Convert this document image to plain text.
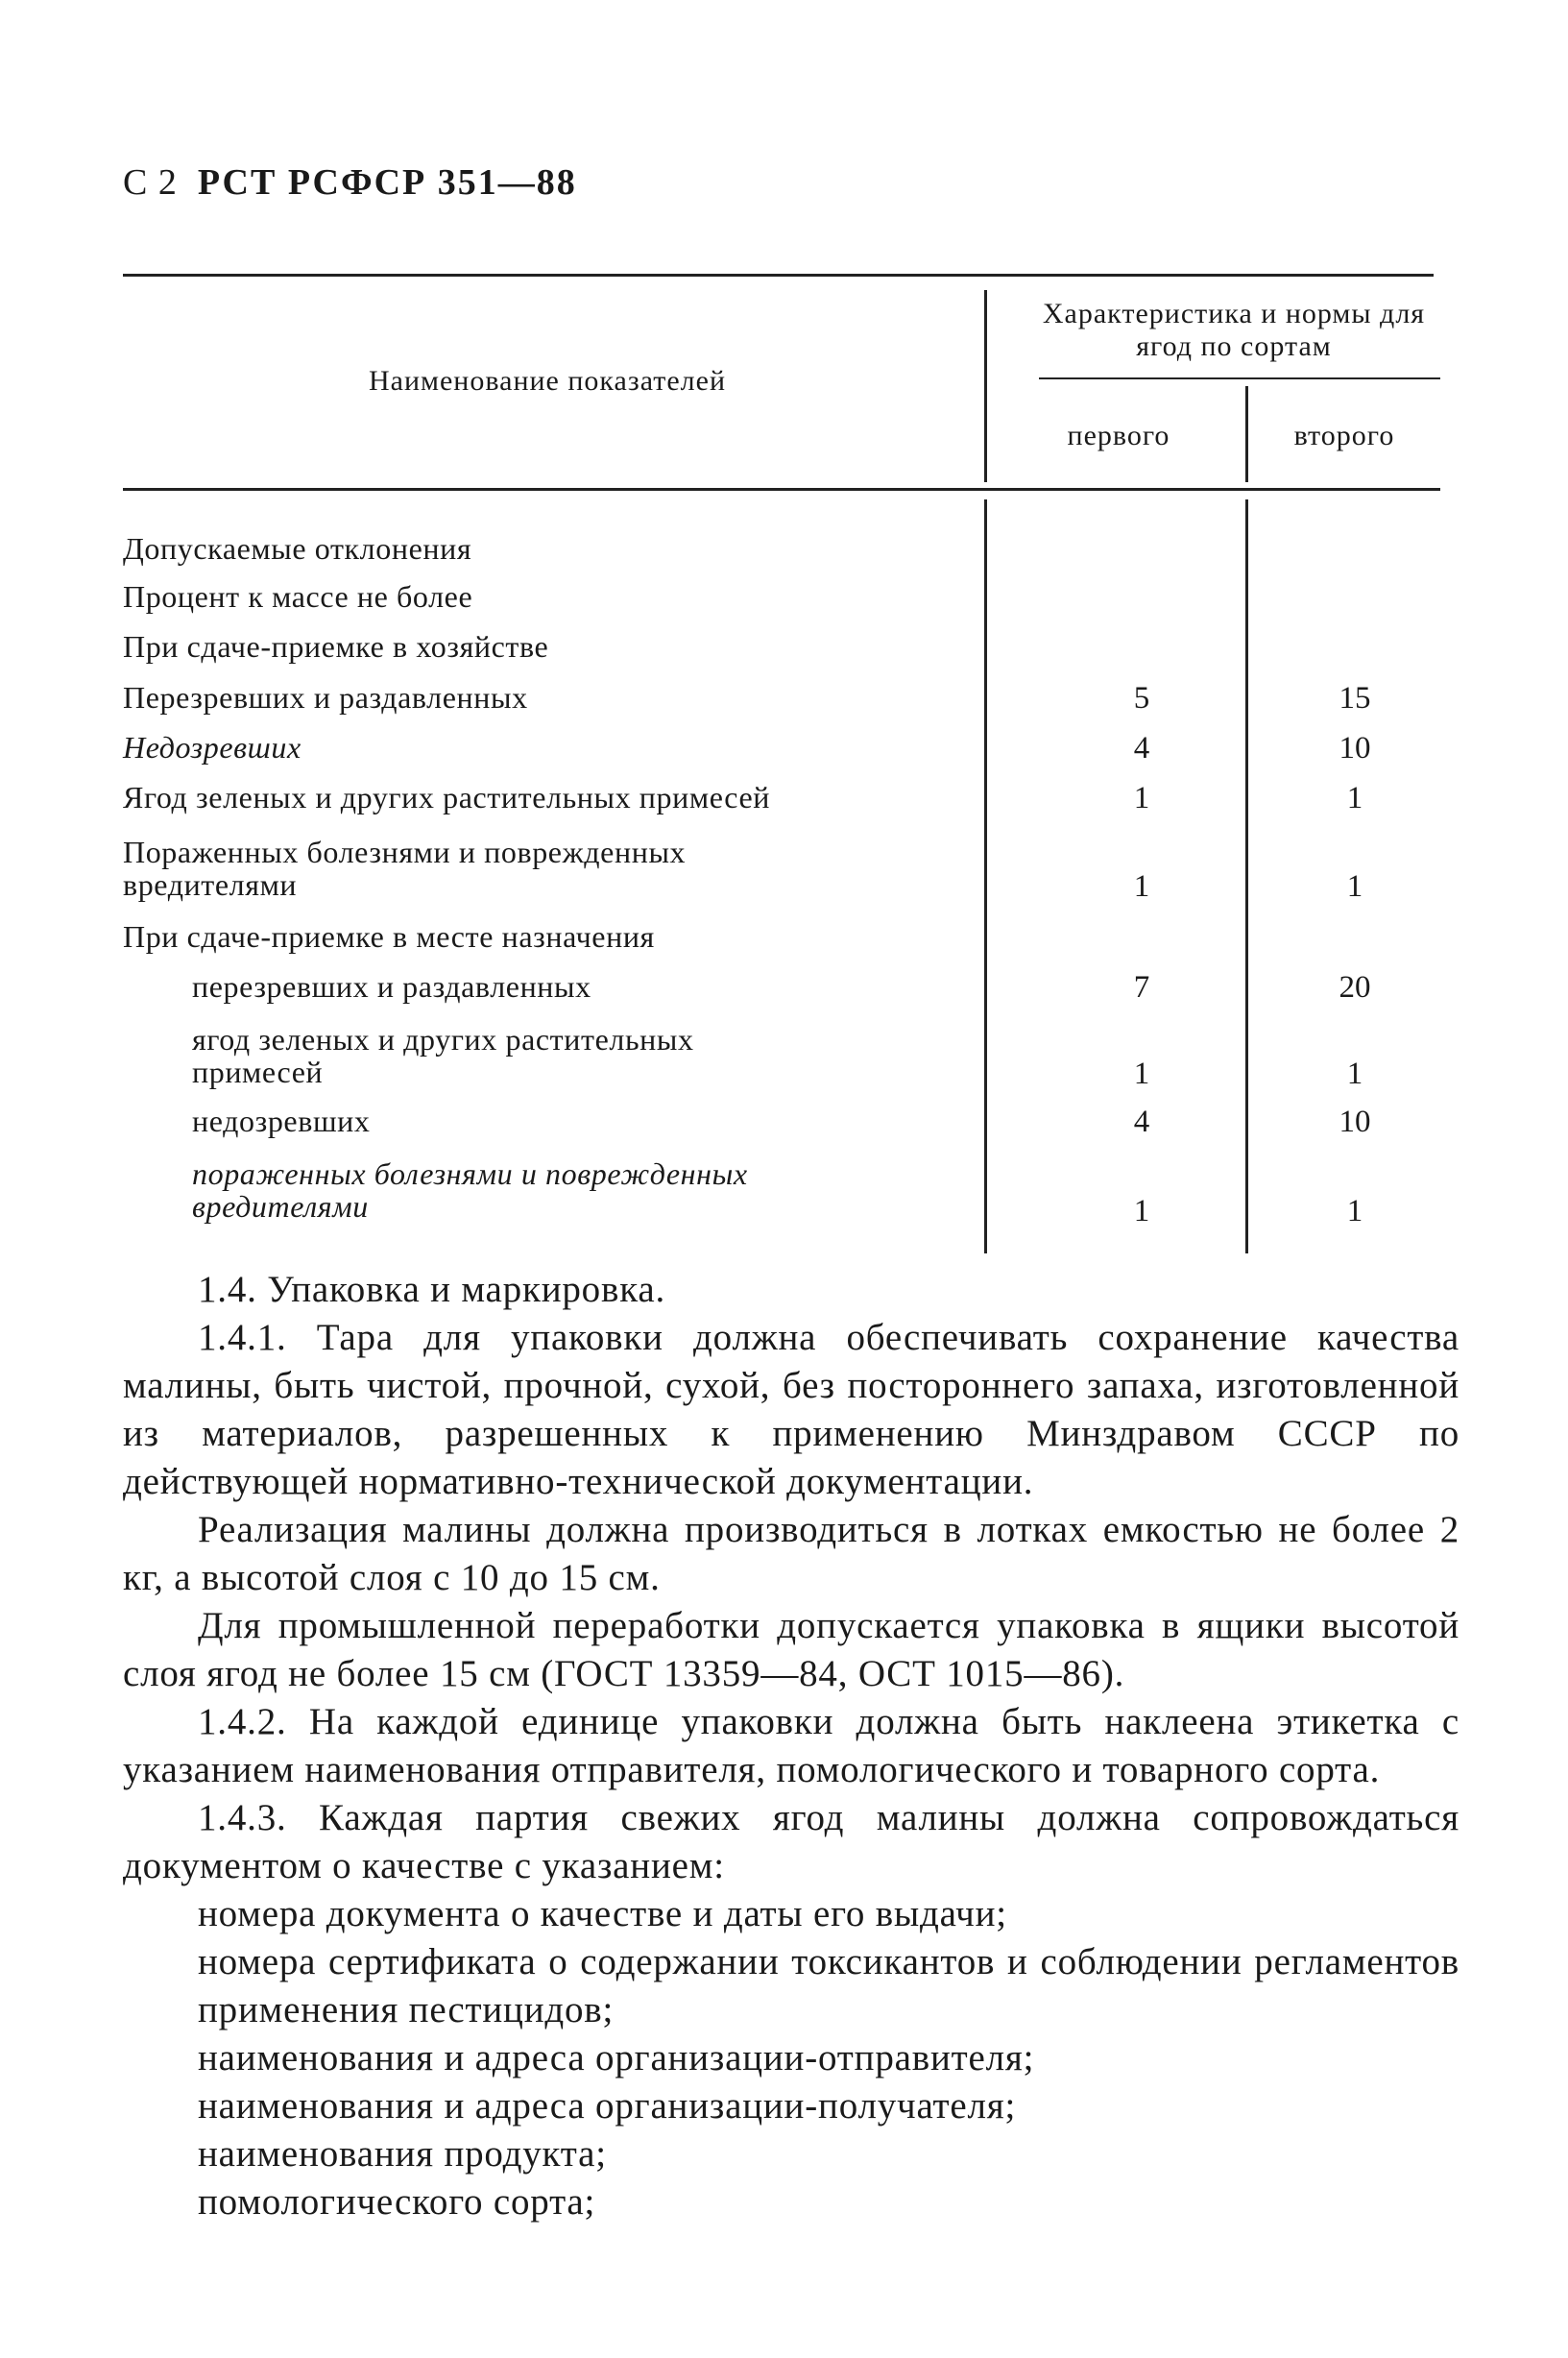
С 2 РСТ РСФСР 351—88
Наименование показателей
Характеристика и нормы для ягод по сортам
первого	второго
Допускаемые отклонения
Процент к массе не более
При сдаче-приемке в хозяйстве
Перезревших и раздавленных	5	15
Недозревших	4	10
Ягод зеленых и других растительных примесей	1	1
Пораженных болезнями и поврежденных вредителями	1	1
При сдаче-приемке в месте назначения
перезревших и раздавленных	7	20
ягод зеленых и других растительных примесей	1	1
недозревших	4	10
пораженных болезнями и поврежденных вредителями	1	1

1.4. Упаковка и маркировка.

1.4.1. Тара для упаковки должна обеспечивать сохранение качества малины, быть чистой, прочной, сухой, без постороннего запаха, изготовленной из материалов, разрешенных к применению Минздравом СССР по действующей нормативно-технической документации.

Реализация малины должна производиться в лотках емкостью не более 2 кг, а высотой слоя с 10 до 15 см.

Для промышленной переработки допускается упаковка в ящики высотой слоя ягод не более 15 см (ГОСТ 13359—84, ОСТ 1015—86).

1.4.2. На каждой единице упаковки должна быть наклеена этикетка с указанием наименования отправителя, помологического и товарного сорта.

1.4.3. Каждая партия свежих ягод малины должна сопровождаться документом о качестве с указанием:

номера документа о качестве и даты его выдачи;

номера сертификата о содержании токсикантов и соблюдении регламентов применения пестицидов;

наименования и адреса организации-отправителя;

наименования и адреса организации-получателя;

наименования продукта;

помологического сорта;
